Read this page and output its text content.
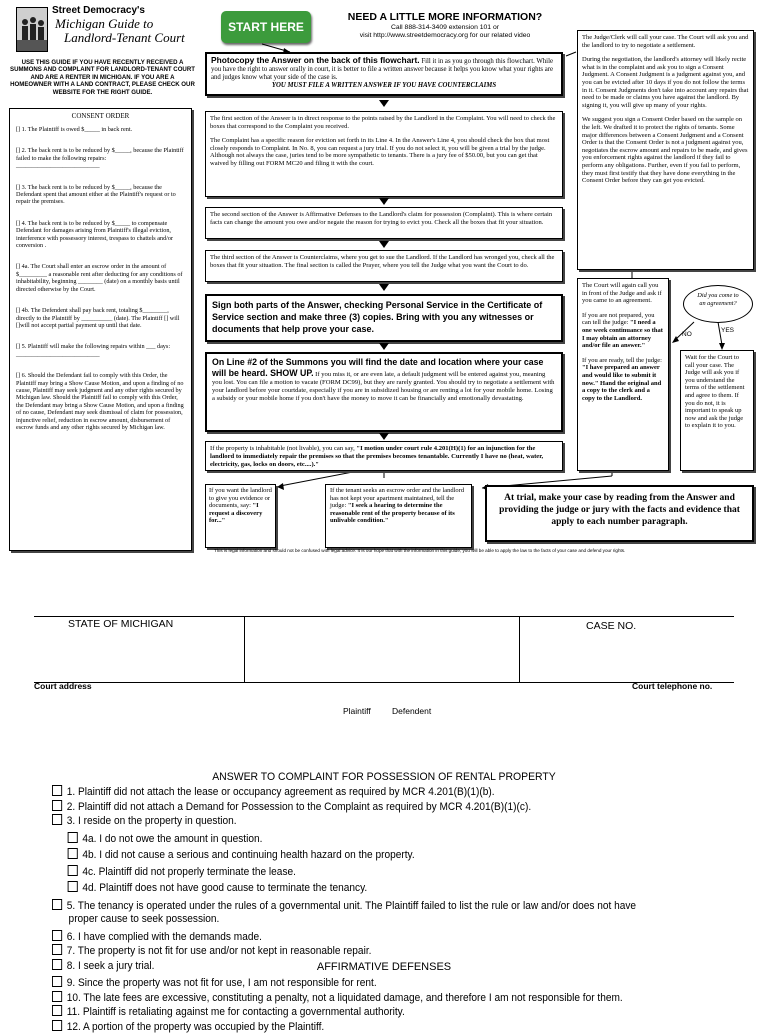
Street Democracy's
Michigan Guide to
Landlord-Tenant Court
USE THIS GUIDE IF YOU HAVE RECENTLY RECEIVED A SUMMONS AND COMPLAINT FOR LANDLORD-TENANT COURT AND ARE A RENTER IN MICHIGAN. IF YOU ARE A HOMEOWNER WITH A LAND CONTRACT, PLEASE CHECK OUR WEBSITE FOR THE RIGHT GUIDE.
START HERE
NEED A LITTLE MORE INFORMATION?
Call 888-314-3409 extension 101 or
visit http://www.streetdemocracy.org for our related video
CONSENT ORDER
[] 1. The Plaintiff is owed $_____ in back rent.
[] 2. The back rent is to be reduced by $_____, because the Plaintiff failed to make the following repairs: ___________________________
[] 3. The back rent is to be reduced by $_____, because the Defendant spent that amount either at the Plaintiff's request or to repair the premises.
[] 4. The back rent is to be reduced by $_____ to compensate Defendant for damages arising from Plaintiff's illegal eviction, interference with possessory interest, trespass to chattels and/or conversion .
[] 4a. The Court shall enter an escrow order in the amount of $_________ a reasonable rent after deducting for any conditions of inhabitability, beginning ________ (date) on a monthly basis until directed otherwise by the Court.
[] 4b. The Defendent shall pay back rent, totaling $________, directly to the Plaintiff by __________ (date). The Plaintiff [] will []will not accept partial payment up until that date.
[] 5. Plaintiff will make the following repairs within ___ days: ___________________________
[] 6. Should the Defendant fail to comply with this Order, the Plaintiff may bring a Show Cause Motion, and upon a finding of no cause, Plaintiff may seek judgment and any other rights secured by Michigan law. Should the Plaintiff fail to comply with this Order, the Defendant may bring a Show Cause Motion, and upon a finding of no cause, Defendant may seek dismissal of claim for possession, injunctive relief, reduction in escrow amount, disbursement of escrow funds and any other rights secured by Michigan law.
Photocopy the Answer on the back of this flowchart. Fill it in as you go through this flowchart. While you have the right to answer orally in court, it is better to file a written answer because it helps you know what your rights are and judges know what your side of the case is.
YOU MUST FILE A WRITTEN ANSWER IF YOU HAVE COUNTERCLAIMS
The first section of the Answer is in direct response to the points raised by the Landlord in the Complaint. You will need to check the boxes that correspond to the Complaint you received.
The Complaint has a specific reason for eviction set forth in its Line 4. In the Answer's Line 4, you should check the box that most closely responds to Complaint. In No. 8, you can request a jury trial. If you do not select it, you will be given a trial by the judge. Although not always the case, juries tend to be more sympathetic to tenants. There is a jury fee of $50.00, but you can get that waived by filling out FORM MC20 and filing it with the court.
The second section of the Answer is Affirmative Defenses to the Landlord's claim for possession (Complaint). This is where certain facts can change the amount you owe and/or negate the reason for trying to evict you. Check all the boxes that fit your situation.
The third section of the Answer is Counterclaims, where you get to sue the Landlord. If the Landlord has wronged you, check all the boxes that fit your situation. The final section is called the Prayer, where you tell the Judge what you want the Court to do.
Sign both parts of the Answer, checking Personal Service in the Certificate of Service section and make three (3) copies. Bring with you any witnesses or documents that help prove your case.
On Line #2 of the Summons you will find the date and location where your case will be heard. SHOW UP. If you miss it, or are even late, a default judgment will be entered against you, meaning you lost. You can file a motion to vacate (FORM DC99), but they are rarely granted. You should try to negotiate a settlement with your landlord before your courtdate, especially if you are in subsidized housing or are renting a lot for your mobile home. Losing a subsidy or your mobile home if you don't have the money to move it can be financially and emotionally devastating.
If the property is inhabitable (not livable), you can say, "I motion under court rule 4.201(H)(1) for an injunction for the landlord to immediately repair the premises so that the premises becomes tenantable. Currently I have no (heat, water, electricity, gas, locks on doors, etc....)."
If you want the landlord to give you evidence or documents, say: "I request a discovery for..."
If the tenant seeks an escrow order and the landlord has not kept your apartment maintained, tell the judge: "I seek a hearing to determine the reasonable rent of the property because of its unlivable condition."
At trial, make your case by reading from the Answer and providing the judge or jury with the facts and evidence that apply to each number paragraph.
The Judge/Clerk will call your case. The Court will ask you and the landlord to try to negotiate a settlement.
During the negotiation, the landlord's attorney will likely recite what is in the complaint and ask you to sign a Consent Judgment. A Consent Judgment is a judgment against you, and you can be evicted after 10 days if you do not follow the terms in it. Consent Judgments don't take into account any repairs that need to be made or claims you have against the landlord. By signing it, you will give up many of your rights.
We suggest you sign a Consent Order based on the sample on the left. We drafted it to protect the rights of tenants. Some major differences between a Consent Judgment and a Consent Order is that the Consent Order is not a judgment against you, negotiates the escrow amount and repairs to be made, and gives you enforcement rights against the landlord if they fail to perform any obligations. Further, even if you fail to perform, they must first testify that they have done everything in the Consent Order before they can get you evicted.
The Court will again call you in front of the Judge and ask if you came to an agreement.
If you are not prepared, you can tell the judge: "I need a one week continuance so that I may obtain an attorney and/or file an answer."
If you are ready, tell the judge: "I have prepared an answer and would like to submit it now." Hand the original and a copy to the clerk and a copy to the Landlord.
Did you come to an agreement?
NO
YES
Wait for the Court to call your case. The Judge will ask you if you understand the terms of the settlement and agree to them. If you do not, it is important to speak up now and ask the judge to explain it to you.
This is legal information and should not be confused with legal advice. It is our hope that with the information in this guide, you will be able to apply the law to the facts of your case and defend your rights.
STATE OF MICHIGAN	CASE NO.
Court address	Court telephone no.
Plaintiff	Defendent
ANSWER TO COMPLAINT FOR POSSESSION OF RENTAL PROPERTY
1. Plaintiff did not attach the lease or occupancy agreement as required by MCR 4.201(B)(1)(b).
2. Plaintiff did not attach a Demand for Possession to the Complaint as required by MCR 4.201(B)(1)(c).
3. I reside on the property in question.
4a. I do not owe the amount in question.
4b. I did not cause a serious and continuing health hazard on the property.
4c. Plaintiff did not properly terminate the lease.
4d. Plaintiff does not have good cause to terminate the tenancy.
5. The tenancy is operated under the rules of a governmental unit. The Plaintiff failed to list the rule or law and/or does not have
proper cause to seek possession.
6. I have complied with the demands made.
7. The property is not fit for use and/or not kept in reasonable repair.
8. I seek a jury trial.	AFFIRMATIVE DEFENSES
9. Since the property was not fit for use, I am not responsible for rent.
10. The late fees are excessive, constituting a penalty, not a liquidated damage, and therefore I am not responsible for them.
11. Plaintiff is retaliating against me for contacting a governmental authority.
12. A portion of the property was occupied by the Plaintiff.
